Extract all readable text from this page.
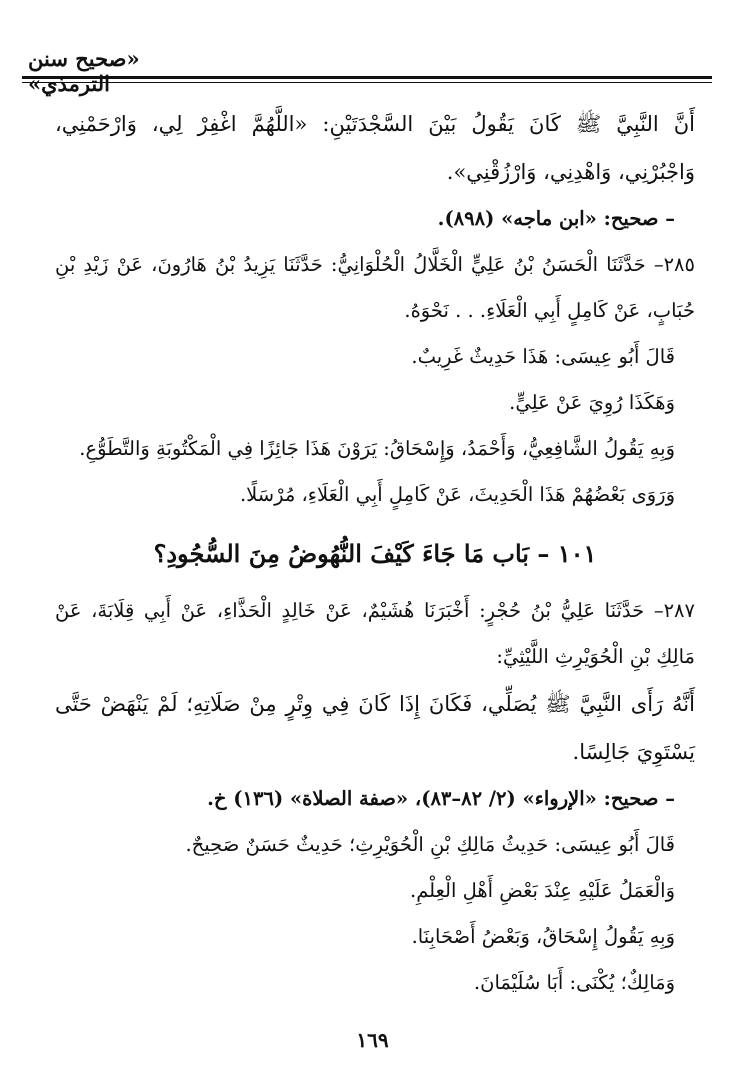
«صحيح سنن الترمذي»

أَنَّ النَّبِيَّ ﷺ كَانَ يَقُولُ بَيْنَ السَّجْدَتَيْنِ: «اللَّهُمَّ اغْفِرْ لِي، وَارْحَمْنِي، وَاجْبُرْنِي، وَاهْدِنِي، وَارْزُقْنِي».

– صحيح: «ابن ماجه» (٨٩٨).

٢٨٥– حَدَّثَنَا الْحَسَنُ بْنُ عَلِيٍّ الْخَلَّالُ الْحُلْوَانِيُّ: حَدَّثَنَا يَزِيدُ بْنُ هَارُونَ، عَنْ زَيْدِ بْنِ حُبَابٍ، عَنْ كَامِلٍ أَبِي الْعَلَاءِ. . . نَحْوَهُ.

قَالَ أَبُو عِيسَى: هَذَا حَدِيثٌ غَرِيبٌ.

وَهَكَذَا رُوِيَ عَنْ عَلِيٍّ.

وَبِهِ يَقُولُ الشَّافِعِيُّ، وَأَحْمَدُ، وَإِسْحَاقُ: يَرَوْنَ هَذَا جَائِزًا فِي الْمَكْتُوبَةِ وَالتَّطَوُّعِ.

وَرَوَى بَعْضُهُمْ هَذَا الْحَدِيثَ، عَنْ كَامِلٍ أَبِي الْعَلَاءِ، مُرْسَلًا.

١٠١ – بَاب مَا جَاءَ كَيْفَ النُّهُوضُ مِنَ السُّجُودِ؟

٢٨٧– حَدَّثَنَا عَلِيُّ بْنُ حُجْرٍ: أَخْبَرَنَا هُشَيْمٌ، عَنْ خَالِدٍ الْحَذَّاءِ، عَنْ أَبِي قِلَابَةَ، عَنْ مَالِكِ بْنِ الْحُوَيْرِثِ اللَّيْثِيِّ:

أَنَّهُ رَأَى النَّبِيَّ ﷺ يُصَلِّي، فَكَانَ إِذَا كَانَ فِي وِتْرٍ مِنْ صَلَاتِهِ؛ لَمْ يَنْهَضْ حَتَّى يَسْتَوِيَ جَالِسًا.

– صحيح: «الإرواء» (٢/ ٨٢–٨٣)، «صفة الصلاة» (١٣٦) خ.

قَالَ أَبُو عِيسَى: حَدِيثُ مَالِكِ بْنِ الْحُوَيْرِثِ؛ حَدِيثٌ حَسَنٌ صَحِيحٌ.

وَالْعَمَلُ عَلَيْهِ عِنْدَ بَعْضِ أَهْلِ الْعِلْمِ.

وَبِهِ يَقُولُ إِسْحَاقُ، وَبَعْضُ أَصْحَابِنَا.

وَمَالِكٌ؛ يُكْنَى: أَبَا سُلَيْمَانَ.

١٦٩
